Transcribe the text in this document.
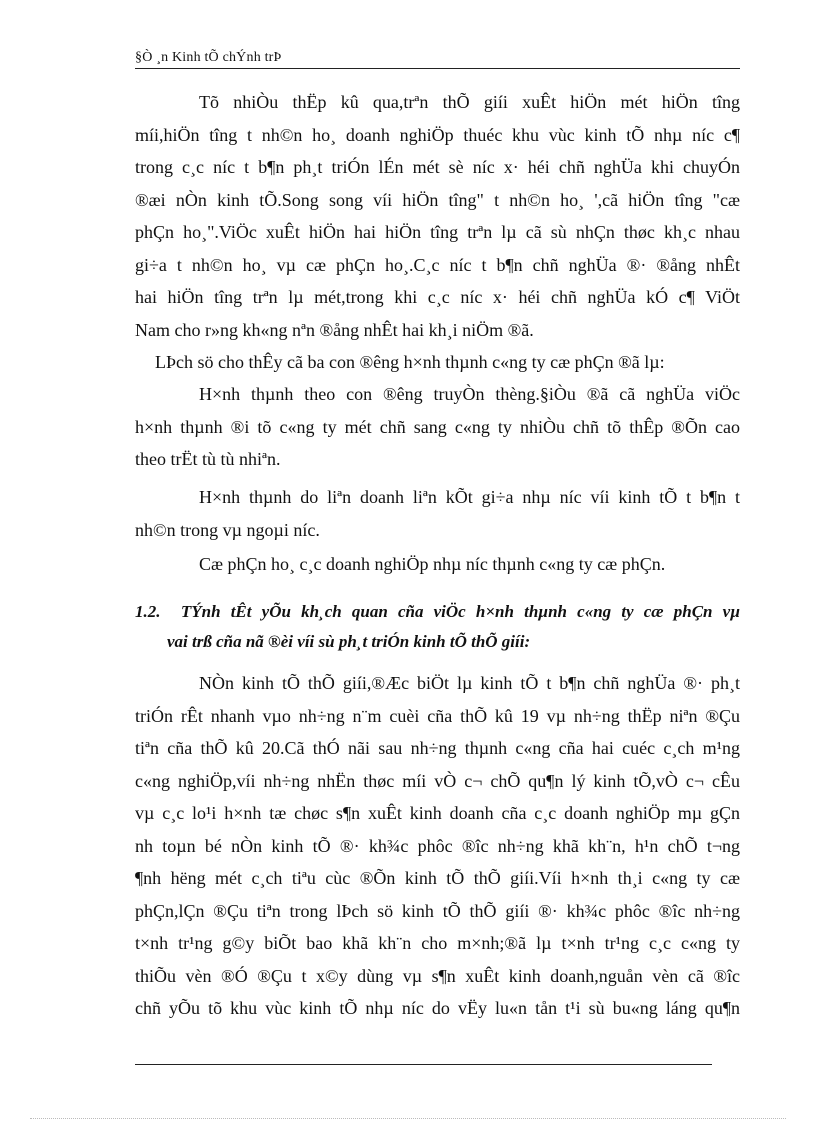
§Ò ¸n Kinh tÕ chÝnh trÞ
Tõ nhiÒu thËp kû qua,trªn thÕ giíi xuÊt hiÖn mét hiÖn tîng
míi,hiÖn tîng t nh©n ho¸ doanh nghiÖp thuéc khu vùc kinh tÕ nhµ níc c¶
trong c¸c níc t b¶n ph¸t triÓn lÉn mét sè níc x· héi chñ nghÜa khi chuyÓn
®æi nÒn kinh tÕ.Song song víi hiÖn tîng" t nh©n ho¸ ',cã hiÖn tîng "cæ
phÇn ho¸".ViÖc xuÊt hiÖn hai hiÖn tîng trªn lµ cã sù nhÇn thøc kh¸c nhau
gi÷a t nh©n ho¸ vµ cæ phÇn ho¸.C¸c níc t b¶n chñ nghÜa ®· ®ång nhÊt
hai hiÖn tîng trªn lµ mét,trong khi c¸c níc x· héi chñ nghÜa kÓ c¶ ViÖt
Nam cho r»ng kh«ng nªn ®ång nhÊt hai kh¸i niÖm ®ã.
LÞch sö cho thÊy cã ba con ®êng h×nh thµnh c«ng ty cæ phÇn ®ã lµ:
H×nh thµnh theo con ®êng truyÒn thèng.§iÒu ®ã cã nghÜa viÖc
h×nh thµnh ®i tõ c«ng ty mét chñ sang c«ng ty nhiÒu chñ tõ thÊp ®Õn cao
theo trËt tù tù nhiªn.
H×nh thµnh do liªn doanh liªn kÕt gi÷a nhµ níc víi kinh tÕ t b¶n t
nh©n trong vµ ngoµi níc.
Cæ phÇn ho¸ c¸c doanh nghiÖp nhµ níc thµnh c«ng ty cæ phÇn.
1.2. TÝnh tÊt yÕu kh¸ch quan cña viÖc h×nh thµnh c«ng ty cæ phÇn vµ
vai trß cña nã ®èi víi sù ph¸t triÓn kinh tÕ thÕ giíi:
NÒn kinh tÕ thÕ giíi,®Æc biÖt lµ kinh tÕ t b¶n chñ nghÜa ®· ph¸t
triÓn rÊt nhanh vµo nh÷ng n¨m cuèi cña thÕ kû 19 vµ nh÷ng thËp niªn ®Çu
tiªn cña thÕ kû 20.Cã thÓ nãi sau nh÷ng thµnh c«ng cña hai cuéc c¸ch m¹ng
c«ng nghiÖp,víi nh÷ng nhËn thøc míi vÒ c¬ chÕ qu¶n lý kinh tÕ,vÒ c¬ cÊu
vµ c¸c lo¹i h×nh tæ chøc s¶n xuÊt kinh doanh cña c¸c doanh nghiÖp mµ gÇn
nh toµn bé nÒn kinh tÕ ®· kh¾c phôc ®îc nh÷ng khã kh¨n, h¹n chÕ t¬ng
¶nh hëng mét c¸ch tiªu cùc ®Õn kinh tÕ thÕ giíi.Víi h×nh th¸i c«ng ty cæ
phÇn,lÇn ®Çu tiªn trong lÞch sö kinh tÕ thÕ giíi ®· kh¾c phôc ®îc nh÷ng
t×nh tr¹ng g©y biÕt bao khã kh¨n cho m×nh;®ã lµ t×nh tr¹ng c¸c c«ng ty
thiÕu vèn ®Ó ®Çu t x©y dùng vµ s¶n xuÊt kinh doanh,nguån vèn cã ®îc
chñ yÕu tõ khu vùc kinh tÕ nhµ níc do vËy lu«n tån t¹i sù bu«ng láng qu¶n
